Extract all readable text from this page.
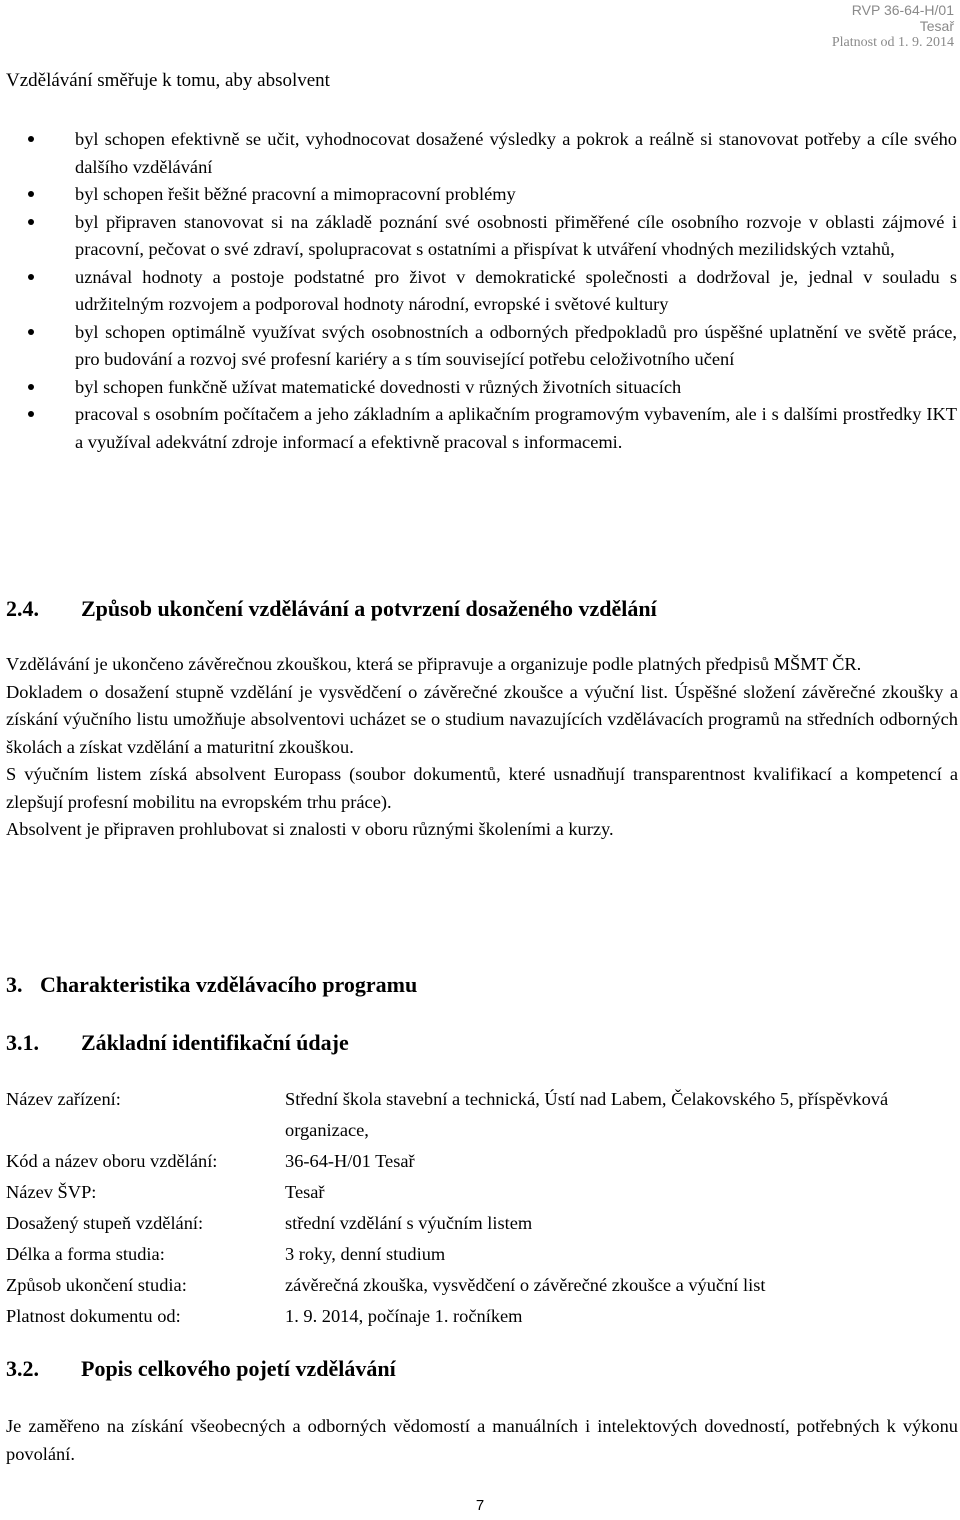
RVP 36-64-H/01
Tesař
Platnost od 1. 9. 2014
Vzdělávání směřuje k tomu, aby absolvent
byl schopen efektivně se učit, vyhodnocovat dosažené výsledky a pokrok a reálně si stanovovat potřeby a cíle svého dalšího vzdělávání
byl schopen řešit běžné pracovní a mimopracovní problémy
byl připraven stanovovat si na základě poznání své osobnosti přiměřené cíle osobního rozvoje v oblasti zájmové i pracovní, pečovat o své zdraví, spolupracovat s ostatními a přispívat k utváření vhodných mezilidských vztahů,
uznával hodnoty a postoje podstatné pro život v demokratické společnosti a dodržoval je, jednal v souladu s udržitelným rozvojem a podporoval hodnoty národní, evropské i světové kultury
byl schopen optimálně využívat svých osobnostních a odborných předpokladů pro úspěšné uplatnění ve světě práce, pro budování a rozvoj své profesní kariéry a s tím související potřebu celoživotního učení
byl schopen funkčně užívat matematické dovednosti v různých životních situacích
pracoval s osobním počítačem a jeho základním a aplikačním programovým vybavením, ale i s dalšími prostředky IKT a využíval adekvátní zdroje informací a efektivně pracoval s informacemi.
2.4. Způsob ukončení vzdělávání a potvrzení dosaženého vzdělání

Vzdělávání je ukončeno závěrečnou zkouškou, která se připravuje a organizuje podle platných předpisů MŠMT ČR.

Dokladem o dosažení stupně vzdělání je vysvědčení o závěrečné zkoušce a výuční list. Úspěšné složení závěrečné zkoušky a získání výučního listu umožňuje absolventovi ucházet se o studium navazujících vzdělávacích programů na středních odborných školách a získat vzdělání a maturitní zkouškou.

S výučním listem získá absolvent Europass (soubor dokumentů, které usnadňují transparentnost kvalifikací a kompetencí a zlepšují profesní mobilitu na evropském trhu práce).

Absolvent je připraven prohlubovat si znalosti v oboru různými školeními a kurzy.

3. Charakteristika vzdělávacího programu
3.1. Základní identifikační údaje
Název zařízení:	Střední škola stavební a technická, Ústí nad Labem, Čelakovského 5, příspěvková organizace,
Kód a název oboru vzdělání:	36-64-H/01 Tesař
Název ŠVP:	Tesař
Dosažený stupeň vzdělání:	střední vzdělání s výučním listem
Délka a forma studia:	3 roky, denní studium
Způsob ukončení studia:	závěrečná zkouška, vysvědčení o závěrečné zkoušce a výuční list
Platnost dokumentu od:	1. 9. 2014, počínaje 1. ročníkem
3.2. Popis celkového pojetí vzdělávání

Je zaměřeno na získání všeobecných a odborných vědomostí a manuálních i intelektových dovedností, potřebných k výkonu povolání.

7
